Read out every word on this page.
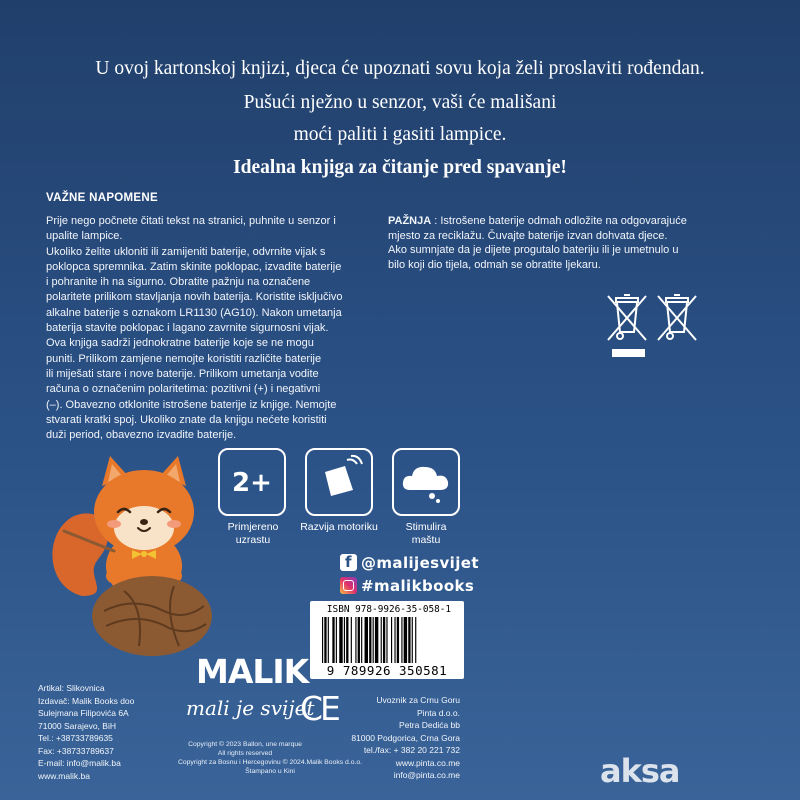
U ovoj kartonskoj knjizi, djeca će upoznati sovu koja želi proslaviti rođendan.
Pušući nježno u senzor, vaši će mališani
moći paliti i gasiti lampice.
Idealna knjiga za čitanje pred spavanje!
VAŽNE NAPOMENE
Prije nego počnete čitati tekst na stranici, puhnite u senzor i
upalite lampice.
Ukoliko želite ukloniti ili zamijeniti baterije, odvrnite vijak s
poklopca spremnika. Zatim skinite poklopac, izvadite baterije
i pohranite ih na sigurno. Obratite pažnju na označene
polaritete prilikom stavljanja novih baterija. Koristite isključivo
alkalne baterije s oznakom LR1130 (AG10). Nakon umetanja
baterija stavite poklopac i lagano zavrnite sigurnosni vijak.
Ova knjiga sadrži jednokratne baterije koje se ne mogu
puniti. Prilikom zamjene nemojte koristiti različite baterije
ili miješati stare i nove baterije. Prilikom umetanja vodite
računa o označenim polaritetima: pozitivni (+) i negativni
(–). Obavezno otklonite istrošene baterije iz knjige. Nemojte
stvarati kratki spoj. Ukoliko znate da knjigu nećete koristiti
duži period, obavezno izvadite baterije.
PAŽNJA : Istrošene baterije odmah odložite na odgovarajuće
mjesto za reciklažu. Čuvajte baterije izvan dohvata djece.
Ako sumnjate da je dijete progutalo bateriju ili je umetnulo u
bilo koji dio tijela, odmah se obratite ljekaru.
2+
Primjereno
uzrastu
Razvija motoriku	Stimulira
maštu
f @malijesvijet
#malikbooks
ISBN 978-9926-35-058-1
9 789926 350581
MALIK
mali je svijet
CE
Artikal: Slikovnica
Izdavač: Malik Books doo
Sulejmana Filipovića 6A
71000 Sarajevo, BiH
Tel.: +38733789635
Fax: +38733789637
E-mail: info@malik.ba
www.malik.ba
Copyright © 2023 Ballon, une marque
All rights reserved
Copyright za Bosnu i Hercegovinu © 2024.Malik Books d.o.o.
Štampano u Kini
Uvoznik za Crnu Goru
Pinta d.o.o.
Petra Dedića bb
81000 Podgorica, Crna Gora
tel./fax: + 382 20 221 732
www.pinta.co.me
info@pinta.co.me	aksa
